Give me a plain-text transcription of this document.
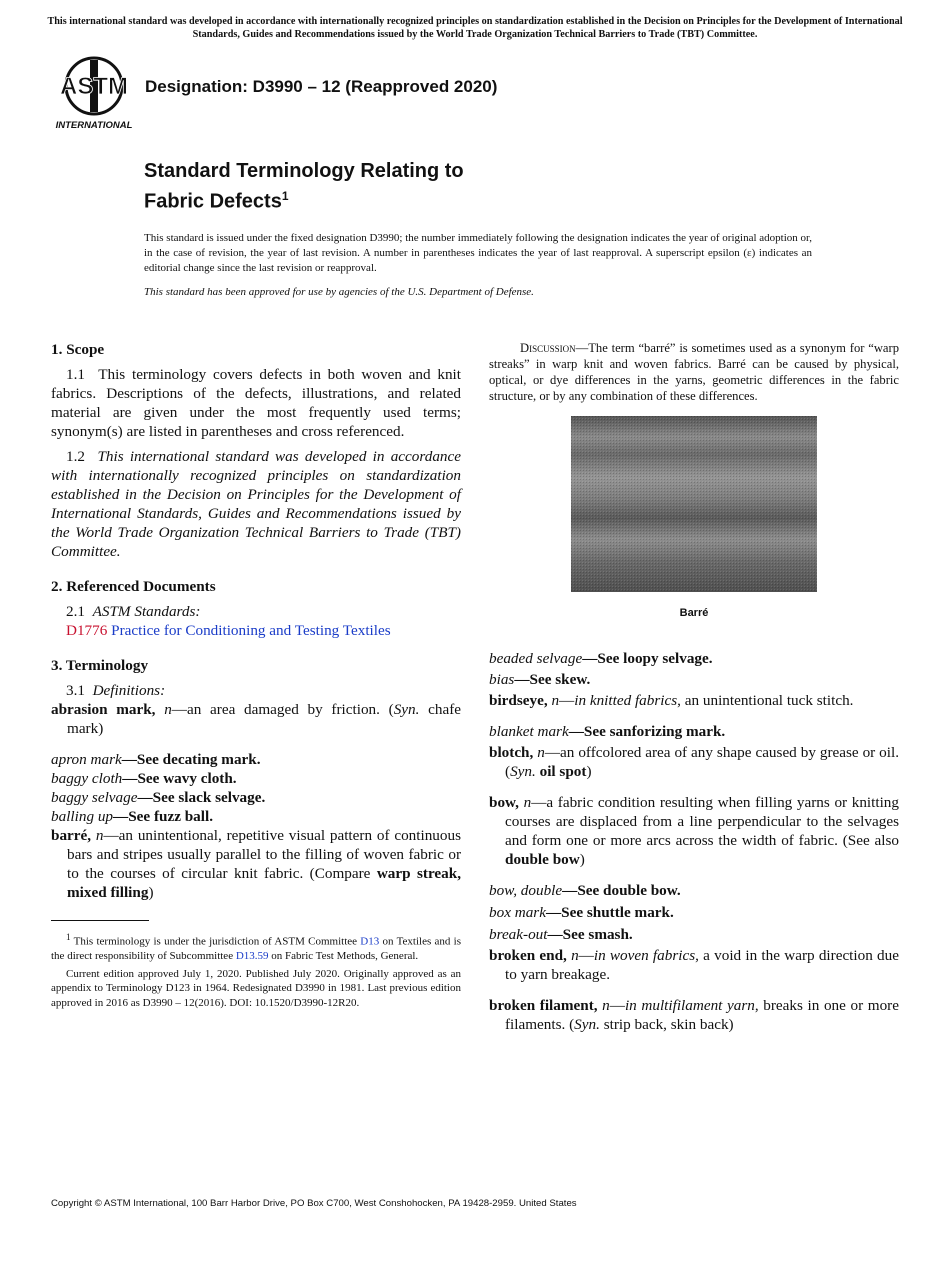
This international standard was developed in accordance with internationally recognized principles on standardization established in the Decision on Principles for the Development of International Standards, Guides and Recommendations issued by the World Trade Organization Technical Barriers to Trade (TBT) Committee.
ASTM
INTERNATIONAL
Designation: D3990 – 12 (Reapproved 2020)
Standard Terminology Relating to
Fabric Defects$^1$
This standard is issued under the fixed designation D3990; the number immediately following the designation indicates the year of original adoption or, in the case of revision, the year of last revision. A number in parentheses indicates the year of last reapproval. A superscript epsilon (ε) indicates an editorial change since the last revision or reapproval.
This standard has been approved for use by agencies of the U.S. Department of Defense.

1. Scope

1.1 This terminology covers defects in both woven and knit fabrics. Descriptions of the defects, illustrations, and related material are given under the most frequently used terms; synonym(s) are listed in parentheses and cross referenced.

1.2 This international standard was developed in accordance with internationally recognized principles on standardization established in the Decision on Principles for the Development of International Standards, Guides and Recommendations issued by the World Trade Organization Technical Barriers to Trade (TBT) Committee.

2. Referenced Documents

2.1 ASTM Standards:

D1776 Practice for Conditioning and Testing Textiles

3. Terminology

3.1 Definitions:

abrasion mark, n—an area damaged by friction. (Syn. chafe mark)

apron mark—See decating mark.

baggy cloth—See wavy cloth.

baggy selvage—See slack selvage.

balling up—See fuzz ball.

barré, n—an unintentional, repetitive visual pattern of continuous bars and stripes usually parallel to the filling of woven fabric or to the courses of circular knit fabric. (Compare warp streak, mixed filling)

$^1$ This terminology is under the jurisdiction of ASTM Committee D13 on Textiles and is the direct responsibility of Subcommittee D13.59 on Fabric Test Methods, General.

Current edition approved July 1, 2020. Published July 2020. Originally approved as an appendix to Terminology D123 in 1964. Redesignated D3990 in 1981. Last previous edition approved in 2016 as D3990 – 12(2016). DOI: 10.1520/D3990-12R20.

Discussion—The term “barré” is sometimes used as a synonym for “warp streaks” in warp knit and woven fabrics. Barré can be caused by physical, optical, or dye differences in the yarns, geometric differences in the fabric structure, or by any combination of these differences.

Barré

beaded selvage—See loopy selvage.

bias—See skew.

birdseye, n—in knitted fabrics, an unintentional tuck stitch.

blanket mark—See sanforizing mark.

blotch, n—an offcolored area of any shape caused by grease or oil. (Syn. oil spot)

bow, n—a fabric condition resulting when filling yarns or knitting courses are displaced from a line perpendicular to the selvages and form one or more arcs across the width of fabric. (See also double bow)

bow, double—See double bow.

box mark—See shuttle mark.

break-out—See smash.

broken end, n—in woven fabrics, a void in the warp direction due to yarn breakage.

broken filament, n—in multifilament yarn, breaks in one or more filaments. (Syn. strip back, skin back)

Copyright © ASTM International, 100 Barr Harbor Drive, PO Box C700, West Conshohocken, PA 19428-2959. United States
